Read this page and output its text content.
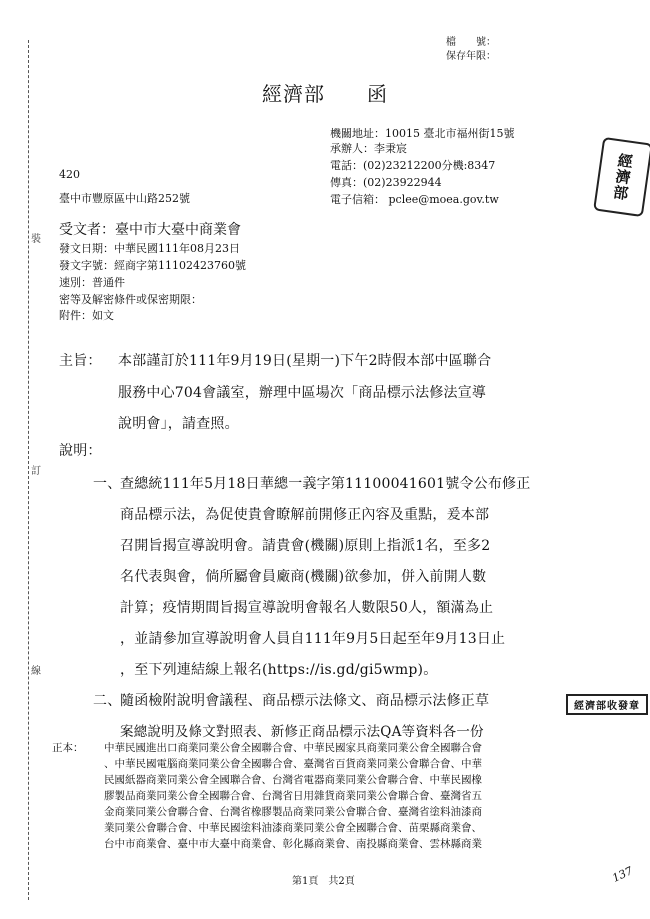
裝
訂
線
檔　　號：
保存年限：
經濟部　　函
機關地址：10015 臺北市福州街15號
承辦人：李秉宸
電話：(02)23212200分機:8347
傳真：(02)23922944
電子信箱： pclee@moea.gov.tw	經濟部
420
臺中市豐原區中山路252號
受文者：臺中市大臺中商業會
發文日期：中華民國111年08月23日
發文字號：經商字第11102423760號
速別：普通件
密等及解密條件或保密期限：
附件：如文
主旨： 本部謹訂於111年9月19日(星期一)下午2時假本部中區聯合
服務中心704會議室，辦理中區場次「商品標示法修法宣導
說明會」，請查照。
說明：
一、
查總統111年5月18日華總一義字第11100041601號令公布修正
商品標示法，為促使貴會瞭解前開修正內容及重點，爰本部
召開旨揭宣導說明會。請貴會(機關)原則上指派1名，至多2
名代表與會，倘所屬會員廠商(機關)欲參加，併入前開人數
計算；疫情期間旨揭宣導說明會報名人數限50人，額滿為止
，並請參加宣導說明會人員自111年9月5日起至年9月13日止
，至下列連結線上報名(https://is.gd/gi5wmp)。
二、
隨函檢附說明會議程、商品標示法條文、商品標示法修正草
案總說明及條文對照表、新修正商品標示法QA等資料各一份
經濟部收發章
正本： 中華民國進出口商業同業公會全國聯合會、中華民國家具商業同業公會全國聯合會
、中華民國電腦商業同業公會全國聯合會、臺灣省百貨商業同業公會聯合會、中華
民國紙器商業同業公會全國聯合會、台灣省電器商業同業公會聯合會、中華民國橡
膠製品商業同業公會全國聯合會、台灣省日用雜貨商業同業公會聯合會、臺灣省五
金商業同業公會聯合會、台灣省橡膠製品商業同業公會聯合會、臺灣省塗料油漆商
業同業公會聯合會、中華民國塗料油漆商業同業公會全國聯合會、苗栗縣商業會、
台中市商業會、臺中市大臺中商業會、彰化縣商業會、南投縣商業會、雲林縣商業
第1頁　共2頁	137
